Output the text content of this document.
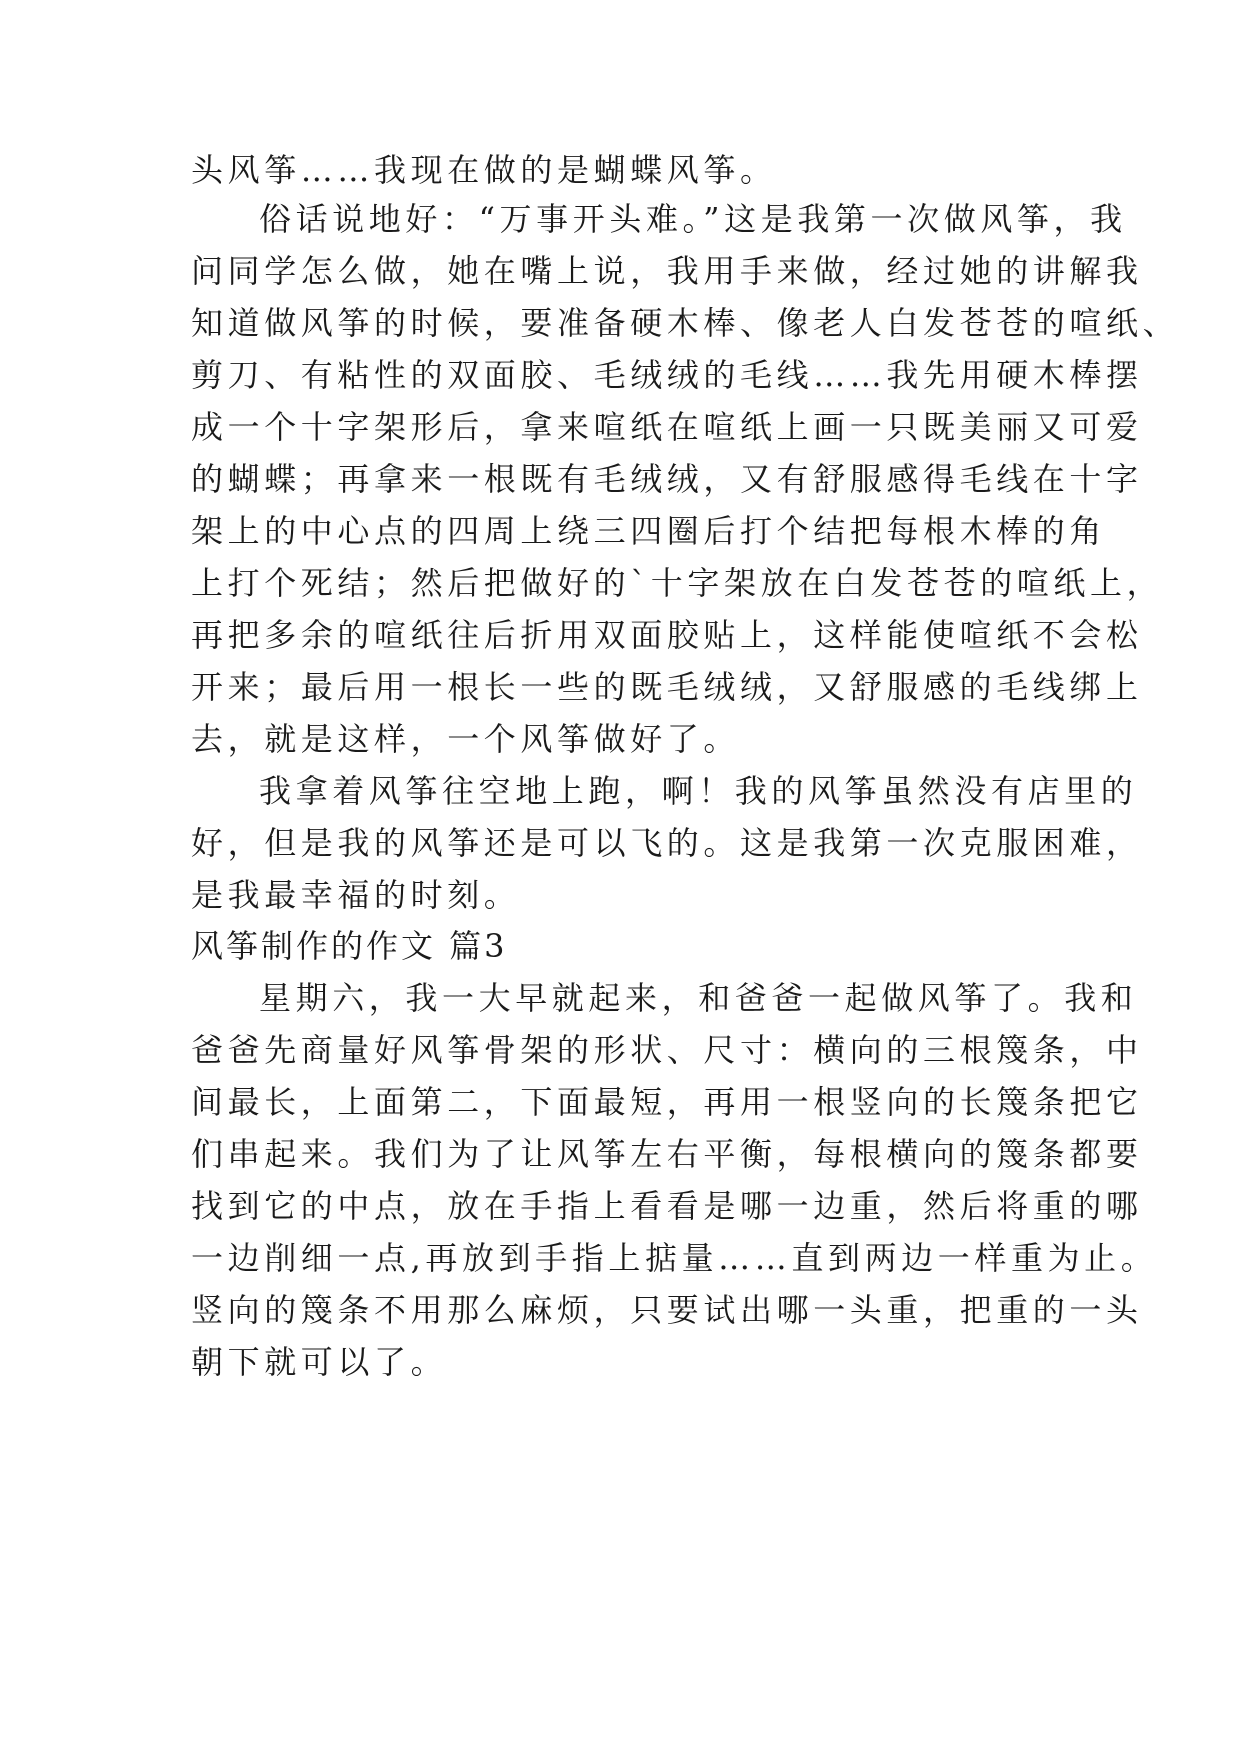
头风筝……我现在做的是蝴蝶风筝。
俗话说地好：“万事开头难。”这是我第一次做风筝，我
问同学怎么做，她在嘴上说，我用手来做，经过她的讲解我
知道做风筝的时候，要准备硬木棒、像老人白发苍苍的喧纸、
剪刀、有粘性的双面胶、毛绒绒的毛线……我先用硬木棒摆
成一个十字架形后，拿来喧纸在喧纸上画一只既美丽又可爱
的蝴蝶；再拿来一根既有毛绒绒，又有舒服感得毛线在十字
架上的中心点的四周上绕三四圈后打个结把每根木棒的角
上打个死结；然后把做好的`十字架放在白发苍苍的喧纸上，
再把多余的喧纸往后折用双面胶贴上，这样能使喧纸不会松
开来；最后用一根长一些的既毛绒绒，又舒服感的毛线绑上
去，就是这样，一个风筝做好了。
我拿着风筝往空地上跑，啊！我的风筝虽然没有店里的
好，但是我的风筝还是可以飞的。这是我第一次克服困难，
是我最幸福的时刻。
风筝制作的作文 篇3
星期六，我一大早就起来，和爸爸一起做风筝了。我和
爸爸先商量好风筝骨架的形状、尺寸：横向的三根篾条，中
间最长，上面第二，下面最短，再用一根竖向的长篾条把它
们串起来。我们为了让风筝左右平衡，每根横向的篾条都要
找到它的中点，放在手指上看看是哪一边重，然后将重的哪
一边削细一点,再放到手指上掂量……直到两边一样重为止。
竖向的篾条不用那么麻烦，只要试出哪一头重，把重的一头
朝下就可以了。
